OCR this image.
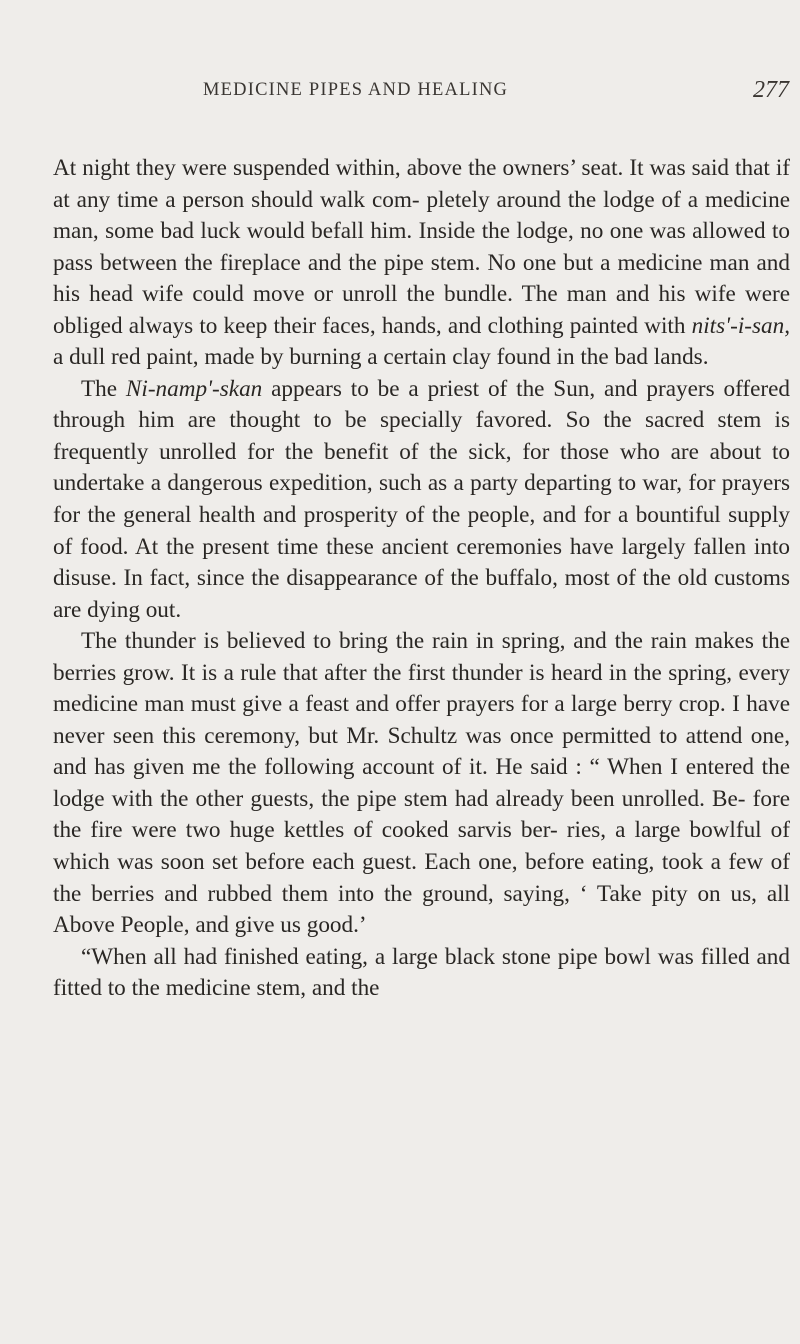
MEDICINE PIPES AND HEALING	277

At night they were suspended within, above the owners’ seat. It was said that if at any time a person should walk com- pletely around the lodge of a medicine man, some bad luck would befall him. Inside the lodge, no one was allowed to pass between the fireplace and the pipe stem. No one but a medicine man and his head wife could move or unroll the bundle. The man and his wife were obliged always to keep their faces, hands, and clothing painted with nits'-i-san, a dull red paint, made by burning a certain clay found in the bad lands.

The Ni-namp'-skan appears to be a priest of the Sun, and prayers offered through him are thought to be specially favored. So the sacred stem is frequently unrolled for the benefit of the sick, for those who are about to undertake a dangerous expedition, such as a party departing to war, for prayers for the general health and prosperity of the people, and for a bountiful supply of food. At the present time these ancient ceremonies have largely fallen into disuse. In fact, since the disappearance of the buffalo, most of the old customs are dying out.

The thunder is believed to bring the rain in spring, and the rain makes the berries grow. It is a rule that after the first thunder is heard in the spring, every medicine man must give a feast and offer prayers for a large berry crop. I have never seen this ceremony, but Mr. Schultz was once permitted to attend one, and has given me the following account of it. He said : “ When I entered the lodge with the other guests, the pipe stem had already been unrolled. Be- fore the fire were two huge kettles of cooked sarvis ber- ries, a large bowlful of which was soon set before each guest. Each one, before eating, took a few of the berries and rubbed them into the ground, saying, ‘ Take pity on us, all Above People, and give us good.’

“When all had finished eating, a large black stone pipe bowl was filled and fitted to the medicine stem, and the
